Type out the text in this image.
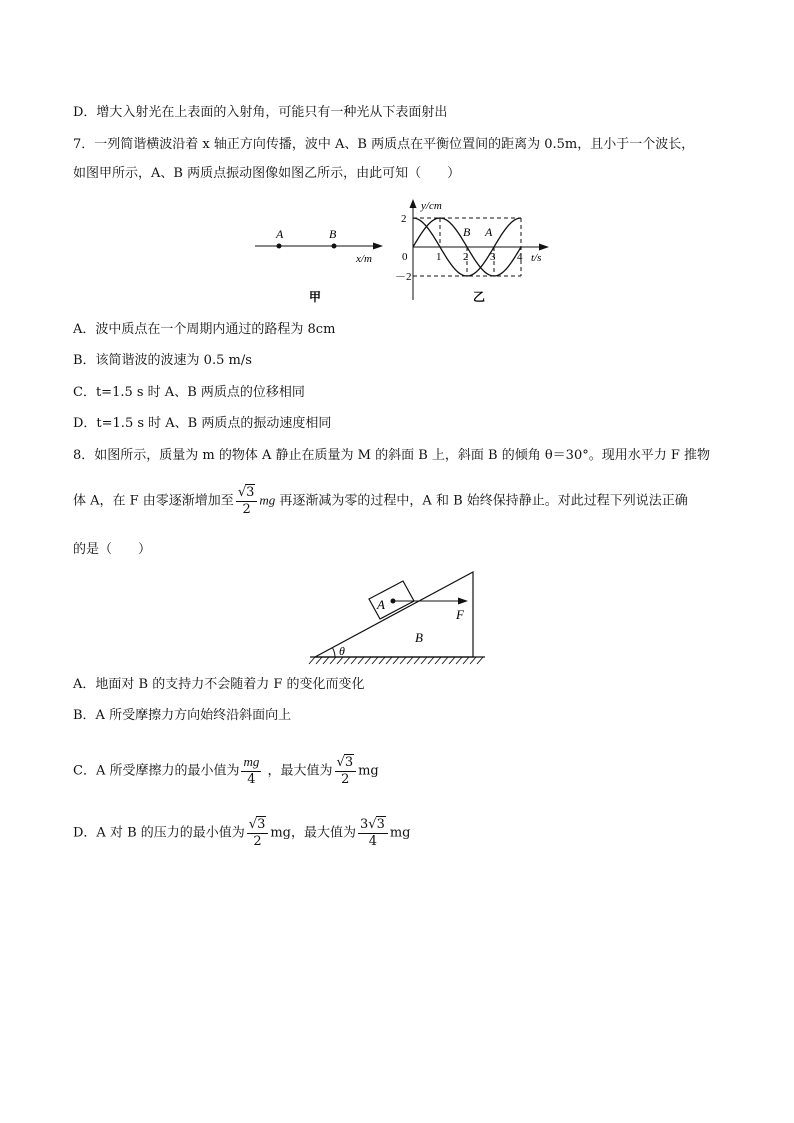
D．增大入射光在上表面的入射角，可能只有一种光从下表面射出
7．一列简谐横波沿着 x 轴正方向传播，波中 A、B 两质点在平衡位置间的距离为 0.5m，且小于一个波长，
如图甲所示，A、B 两质点振动图像如图乙所示，由此可知（　　）
A	B
x/m
甲
y/cm
t/s
2
－2
0
B A
1 2 3 4
乙
A．波中质点在一个周期内通过的路程为 8cm
B．该简谐波的波速为 0.5 m/s
C．t=1.5 s 时 A、B 两质点的位移相同
D．t=1.5 s 时 A、B 两质点的振动速度相同
8．如图所示，质量为 m 的物体 A 静止在质量为 M 的斜面 B 上，斜面 B 的倾角 θ＝30°。现用水平力 F 推物
体 A，在 F 由零逐渐增加至 $\frac{√3}{2}$ mg 再逐渐减为零的过程中，A 和 B 始终保持静止。对此过程下列说法正确
的是（　　）
A
F
B
θ
A．地面对 B 的支持力不会随着力 F 的变化而变化
B．A 所受摩擦力方向始终沿斜面向上
C．A 所受摩擦力的最小值为 $\frac{mg}{4}$ ，最大值为 $\frac{√3}{2}$ mg
D．A 对 B 的压力的最小值为 $\frac{√3}{2}$ mg，最大值为 $\frac{3√3}{4}$ mg
